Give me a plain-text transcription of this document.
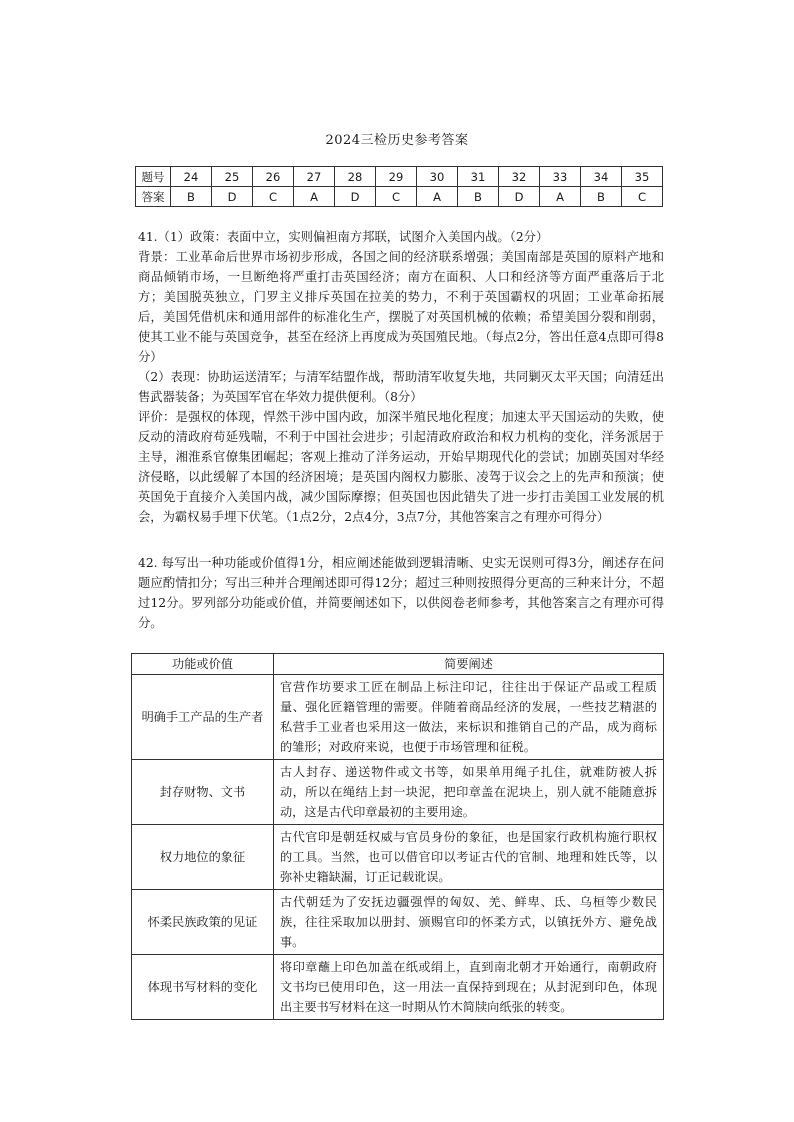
2024三检历史参考答案
题号	24	25	26	27	28	29	30	31	32	33	34	35
答案	B	D	C	A	D	C	A	B	D	A	B	C

41.（1）政策：表面中立，实则偏袒南方邦联，试图介入美国内战。（2分）

背景：工业革命后世界市场初步形成，各国之间的经济联系增强；美国南部是英国的原料产地和商品倾销市场，一旦断绝将严重打击英国经济；南方在面积、人口和经济等方面严重落后于北方；美国脱英独立，门罗主义排斥英国在拉美的势力，不利于英国霸权的巩固；工业革命拓展后，美国凭借机床和通用部件的标准化生产，摆脱了对英国机械的依赖；希望美国分裂和削弱，使其工业不能与英国竞争，甚至在经济上再度成为英国殖民地。（每点2分，答出任意4点即可得8分）

（2）表现：协助运送清军；与清军结盟作战，帮助清军收复失地，共同剿灭太平天国；向清廷出售武器装备；为英国军官在华效力提供便利。（8分）

评价：是强权的体现，悍然干涉中国内政，加深半殖民地化程度；加速太平天国运动的失败，使反动的清政府苟延残喘，不利于中国社会进步；引起清政府政治和权力机构的变化，洋务派居于主导，湘淮系官僚集团崛起；客观上推动了洋务运动，开始早期现代化的尝试；加剧英国对华经济侵略，以此缓解了本国的经济困境；是英国内阁权力膨胀、凌驾于议会之上的先声和预演；使英国免于直接介入美国内战，减少国际摩擦；但英国也因此错失了进一步打击美国工业发展的机会，为霸权易手埋下伏笔。（1点2分，2点4分，3点7分，其他答案言之有理亦可得分）

42. 每写出一种功能或价值得1分，相应阐述能做到逻辑清晰、史实无误则可得3分，阐述存在问题应酌情扣分；写出三种并合理阐述即可得12分；超过三种则按照得分更高的三种来计分，不超过12分。罗列部分功能或价值，并简要阐述如下，以供阅卷老师参考，其他答案言之有理亦可得分。

功能或价值	简要阐述
明确手工产品的生产者	官营作坊要求工匠在制品上标注印记，往往出于保证产品或工程质量、强化匠籍管理的需要。伴随着商品经济的发展，一些技艺精湛的私营手工业者也采用这一做法，来标识和推销自己的产品，成为商标的雏形；对政府来说，也便于市场管理和征税。
封存财物、文书	古人封存、递送物件或文书等，如果单用绳子扎住，就难防被人拆动，所以在绳结上封一块泥，把印章盖在泥块上，别人就不能随意拆动，这是古代印章最初的主要用途。
权力地位的象征	古代官印是朝廷权威与官员身份的象征，也是国家行政机构施行职权的工具。当然，也可以借官印以考证古代的官制、地理和姓氏等，以弥补史籍缺漏，订正记载讹误。
怀柔民族政策的见证	古代朝廷为了安抚边疆强悍的匈奴、羌、鲜卑、氐、乌桓等少数民族，往往采取加以册封、颁赐官印的怀柔方式，以镇抚外方、避免战事。
体现书写材料的变化	将印章蘸上印色加盖在纸或绢上，直到南北朝才开始通行，南朝政府文书均已使用印色，这一用法一直保持到现在；从封泥到印色，体现出主要书写材料在这一时期从竹木简牍向纸张的转变。
